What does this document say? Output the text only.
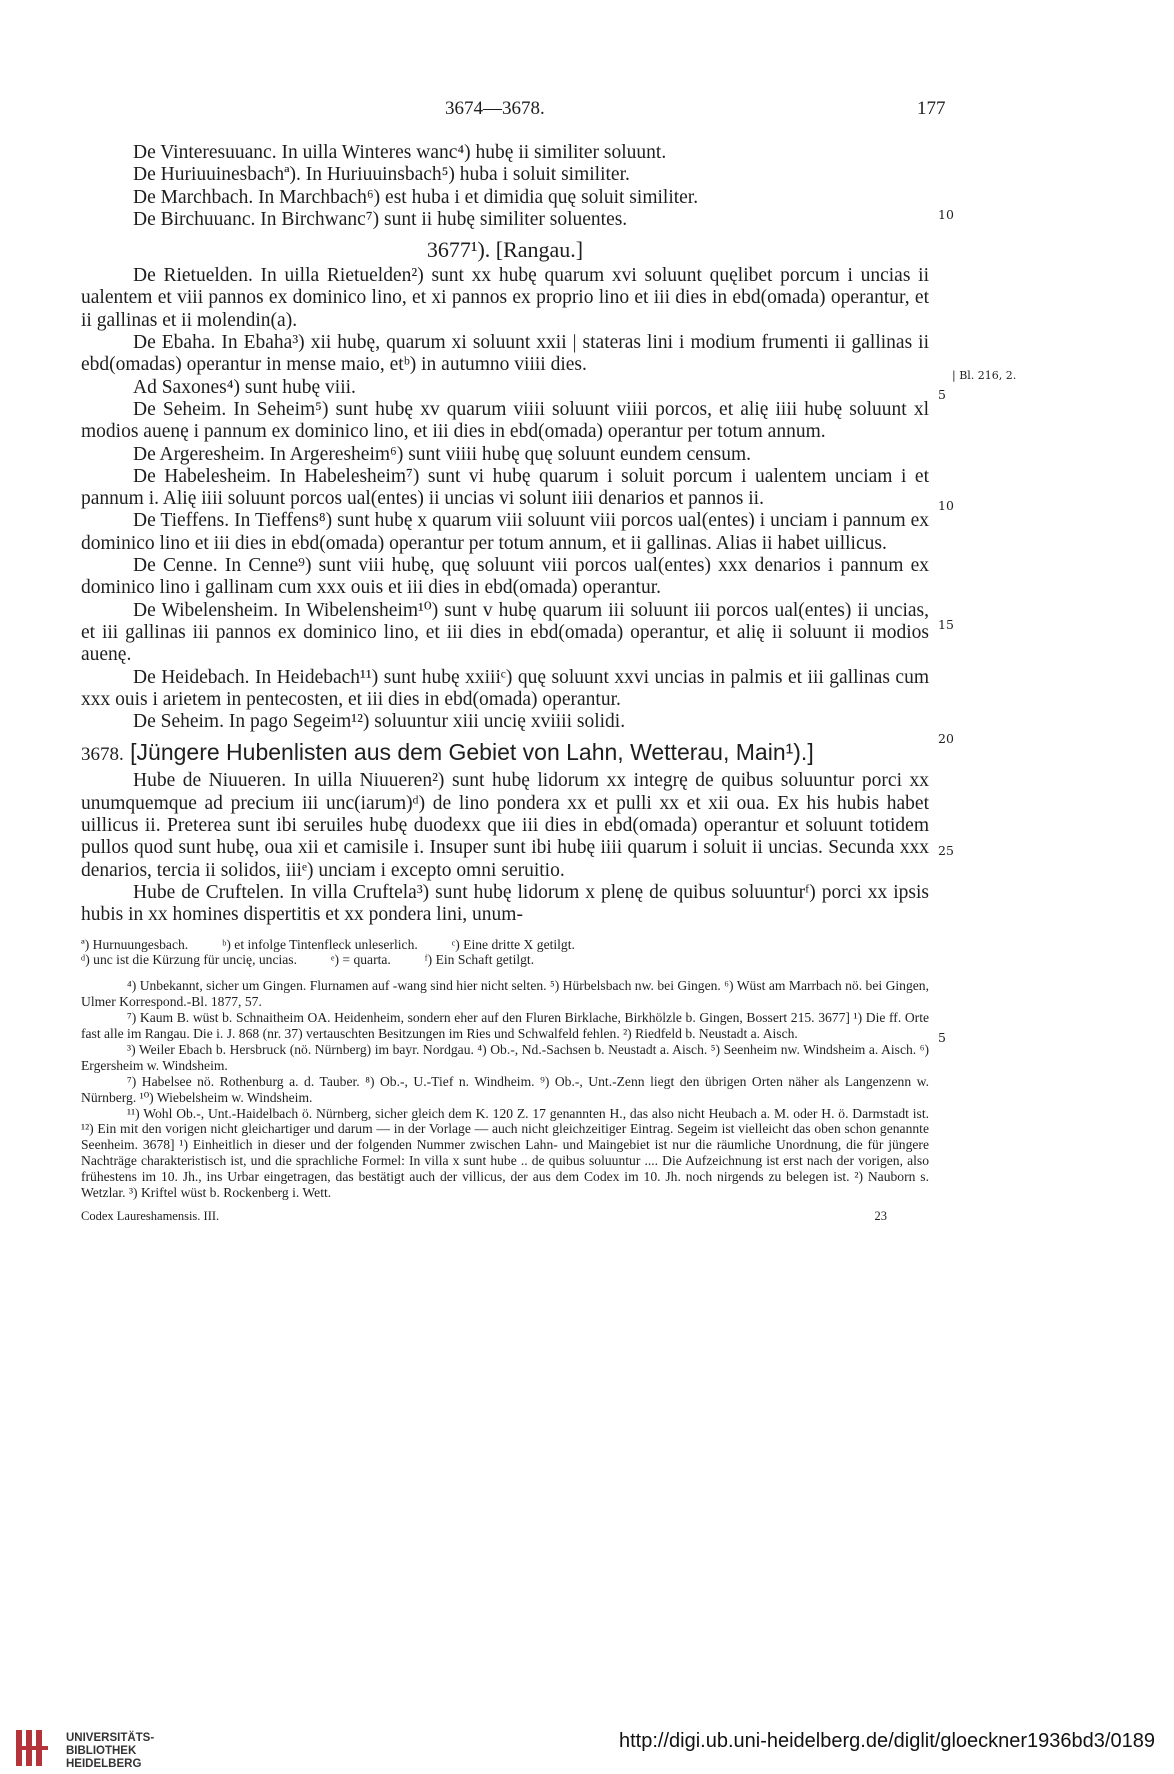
3674—3678.	177

De Vinteresuuanc. In uilla Winteres wanc⁴) hubę ii similiter soluunt.

De Huriuuinesbachª). In Huriuuinsbach⁵) huba i soluit similiter.

De Marchbach. In Marchbach⁶) est huba i et dimidia quę soluit similiter.

De Birchuuanc. In Birchwanc⁷) sunt ii hubę similiter soluentes.

3677¹). [Rangau.]

De Rietuelden. In uilla Rietuelden²) sunt xx hubę quarum xvi soluunt quęlibet porcum i uncias ii ualentem et viii pannos ex dominico lino, et xi pannos ex proprio lino et iii dies in ebd(omada) operantur, et ii gallinas et ii molendin(a).

De Ebaha. In Ebaha³) xii hubę, quarum xi soluunt xxii | stateras lini i modium frumenti ii gallinas ii ebd(omadas) operantur in mense maio, etᵇ) in autumno viiii dies.

Ad Saxones⁴) sunt hubę viii.

De Seheim. In Seheim⁵) sunt hubę xv quarum viiii soluunt viiii porcos, et alię iiii hubę soluunt xl modios auenę i pannum ex dominico lino, et iii dies in ebd(omada) operantur per totum annum.

De Argeresheim. In Argeresheim⁶) sunt viiii hubę quę soluunt eundem censum.

De Habelesheim. In Habelesheim⁷) sunt vi hubę quarum i soluit porcum i ualentem unciam i et pannum i. Alię iiii soluunt porcos ual(entes) ii uncias vi solunt iiii denarios et pannos ii.

De Tieffens. In Tieffens⁸) sunt hubę x quarum viii soluunt viii porcos ual(entes) i unciam i pannum ex dominico lino et iii dies in ebd(omada) operantur per totum annum, et ii gallinas. Alias ii habet uillicus.

De Cenne. In Cenne⁹) sunt viii hubę, quę soluunt viii porcos ual(entes) xxx denarios i pannum ex dominico lino i gallinam cum xxx ouis et iii dies in ebd(omada) operantur.

De Wibelensheim. In Wibelensheim¹⁰) sunt v hubę quarum iii soluunt iii porcos ual(entes) ii uncias, et iii gallinas iii pannos ex dominico lino, et iii dies in ebd(omada) operantur, et alię ii soluunt ii modios auenę.

De Heidebach. In Heidebach¹¹) sunt hubę xxiiiᶜ) quę soluunt xxvi uncias in palmis et iii gallinas cum xxx ouis i arietem in pentecosten, et iii dies in ebd(omada) operantur.

De Seheim. In pago Segeim¹²) soluuntur xiii uncię xviiii solidi.

3678. [Jüngere Hubenlisten aus dem Gebiet von Lahn, Wetterau, Main¹).]

Hube de Niuueren. In uilla Niuueren²) sunt hubę lidorum xx integrę de quibus soluuntur porci xx unumquemque ad precium iii unc(iarum)ᵈ) de lino pondera xx et pulli xx et xii oua. Ex his hubis habet uillicus ii. Preterea sunt ibi seruiles hubę duodexx que iii dies in ebd(omada) operantur et soluunt totidem pullos quod sunt hubę, oua xii et camisile i. Insuper sunt ibi hubę iiii quarum i soluit ii uncias. Secunda xxx denarios, tercia ii solidos, iiiᵉ) unciam i excepto omni seruitio.

Hube de Cruftelen. In villa Cruftela³) sunt hubę lidorum x plenę de quibus soluunturᶠ) porci xx ipsis hubis in xx homines dispertitis et xx pondera lini, unum-

ª) Hurnuungesbach.          ᵇ) et infolge Tintenfleck unleserlich.          ᶜ) Eine dritte X getilgt.

ᵈ) unc ist die Kürzung für uncię, uncias.          ᵉ) = quarta.          ᶠ) Ein Schaft getilgt.

⁴) Unbekannt, sicher um Gingen. Flurnamen auf -wang sind hier nicht selten. ⁵) Hürbelsbach nw. bei Gingen. ⁶) Wüst am Marrbach nö. bei Gingen, Ulmer Korrespond.-Bl. 1877, 57.

⁷) Kaum B. wüst b. Schnaitheim OA. Heidenheim, sondern eher auf den Fluren Birklache, Birkhölzle b. Gingen, Bossert 215. 3677] ¹) Die ff. Orte fast alle im Rangau. Die i. J. 868 (nr. 37) vertauschten Besitzungen im Ries und Schwalfeld fehlen. ²) Riedfeld b. Neustadt a. Aisch.

³) Weiler Ebach b. Hersbruck (nö. Nürnberg) im bayr. Nordgau. ⁴) Ob.-, Nd.-Sachsen b. Neustadt a. Aisch. ⁵) Seenheim nw. Windsheim a. Aisch. ⁶) Ergersheim w. Windsheim.

⁷) Habelsee nö. Rothenburg a. d. Tauber. ⁸) Ob.-, U.-Tief n. Windheim. ⁹) Ob.-, Unt.-Zenn liegt den übrigen Orten näher als Langenzenn w. Nürnberg. ¹⁰) Wiebelsheim w. Windsheim.

¹¹) Wohl Ob.-, Unt.-Haidelbach ö. Nürnberg, sicher gleich dem K. 120 Z. 17 genannten H., das also nicht Heubach a. M. oder H. ö. Darmstadt ist. ¹²) Ein mit den vorigen nicht gleichartiger und darum — in der Vorlage — auch nicht gleichzeitiger Eintrag. Segeim ist vielleicht das oben schon genannte Seenheim. 3678] ¹) Einheitlich in dieser und der folgenden Nummer zwischen Lahn- und Maingebiet ist nur die räumliche Unordnung, die für jüngere Nachträge charakteristisch ist, und die sprachliche Formel: In villa x sunt hube .. de quibus soluuntur .... Die Aufzeichnung ist erst nach der vorigen, also frühestens im 10. Jh., ins Urbar eingetragen, das bestätigt auch der villicus, der aus dem Codex im 10. Jh. noch nirgends zu belegen ist. ²) Nauborn s. Wetzlar. ³) Kriftel wüst b. Rockenberg i. Wett.

Codex Laureshamensis. III.	23

10
| Bl. 216, 2.
5
10
15
20
25
5
UNIVERSITÄTS-
BIBLIOTHEK
HEIDELBERG
http://digi.ub.uni-heidelberg.de/diglit/gloeckner1936bd3/0189
